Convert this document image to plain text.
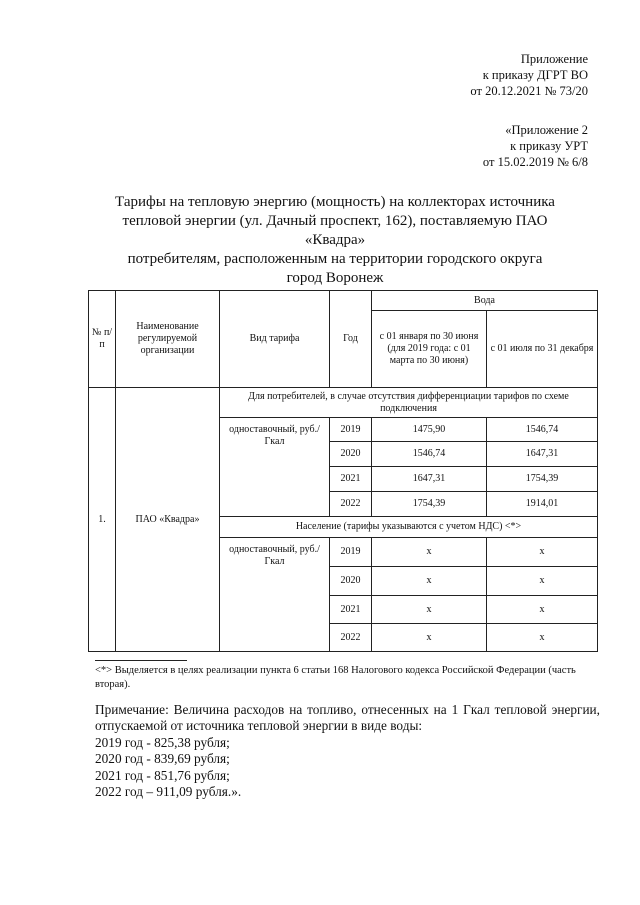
Приложение
к приказу ДГРТ ВО
от 20.12.2021 № 73/20
«Приложение 2
к приказу УРТ
от 15.02.2019 № 6/8
Тарифы на тепловую энергию (мощность) на коллекторах источника
тепловой энергии (ул. Дачный проспект, 162), поставляемую ПАО «Квадра»
потребителям, расположенным на территории городского округа
город Воронеж
№ п/п	Наименование регулируемой организации	Вид тарифа	Год	Вода	
				с 01 января по 30 июня (для 2019 года: с 01 марта по 30 июня)	с 01 июля по 31 декабря
1.	ПАО «Квадра»	Для потребителей, в случае отсутствия дифференциации тарифов по схеме подключения			
		одноставочный, руб./Гкал	2019	1475,90	1546,74
			2020	1546,74	1647,31
			2021	1647,31	1754,39
			2022	1754,39	1914,01
		Население (тарифы указываются с учетом НДС) <*>			
		одноставочный, руб./Гкал	2019	x	x
			2020	x	x
			2021	x	x
			2022	x	x
<*> Выделяется в целях реализации пункта 6 статьи 168 Налогового кодекса Российской Федерации (часть вторая).

Примечание: Величина расходов на топливо, отнесенных на 1 Гкал тепловой энергии,

отпускаемой от источника тепловой энергии в виде воды:

2019 год - 825,38 рубля;

2020 год - 839,69 рубля;

2021 год - 851,76 рубля;

2022 год – 911,09 рубля.».
